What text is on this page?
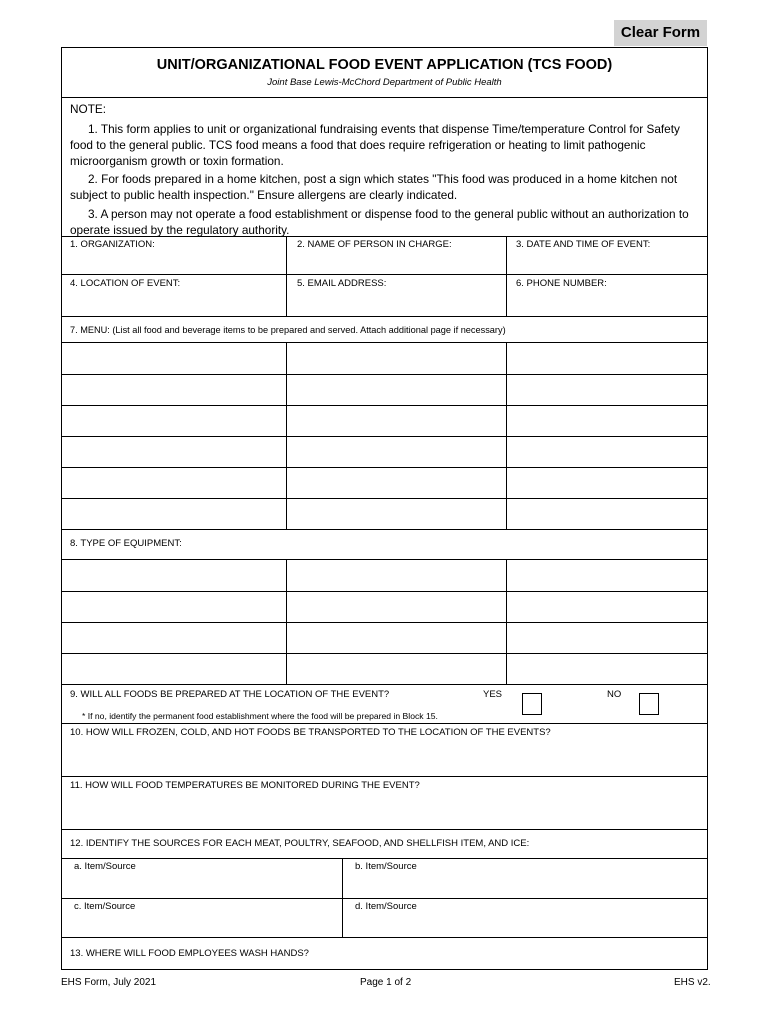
Clear Form
UNIT/ORGANIZATIONAL FOOD EVENT APPLICATION (TCS FOOD)
Joint Base Lewis-McChord Department of Public Health
NOTE:
1. This form applies to unit or organizational fundraising events that dispense Time/temperature Control for Safety food to the general public. TCS food means a food that does require refrigeration or heating to limit pathogenic microorganism growth or toxin formation.
2. For foods prepared in a home kitchen, post a sign which states "This food was produced in a home kitchen not subject to public health inspection." Ensure allergens are clearly indicated.
3. A person may not operate a food establishment or dispense food to the general public without an authorization to operate issued by the regulatory authority.
1. ORGANIZATION:	2. NAME OF PERSON IN CHARGE:	3. DATE AND TIME OF EVENT:
4. LOCATION OF EVENT:	5. EMAIL ADDRESS:	6. PHONE NUMBER:
7. MENU: (List all food and beverage items to be prepared and served. Attach additional page if necessary)
8. TYPE OF EQUIPMENT:
9. WILL ALL FOODS BE PREPARED AT THE LOCATION OF THE EVENT?	YES	NO
* If no, identify the permanent food establishment where the food will be prepared in Block 15.
10. HOW WILL FROZEN, COLD, AND HOT FOODS BE TRANSPORTED TO THE LOCATION OF THE EVENTS?
11. HOW WILL FOOD TEMPERATURES BE MONITORED DURING THE EVENT?
12. IDENTIFY THE SOURCES FOR EACH MEAT, POULTRY, SEAFOOD, AND SHELLFISH ITEM, AND ICE:
a. Item/Source	b. Item/Source
c. Item/Source	d. Item/Source
13. WHERE WILL FOOD EMPLOYEES WASH HANDS?
EHS Form, July 2021	Page 1 of 2	EHS v2.
